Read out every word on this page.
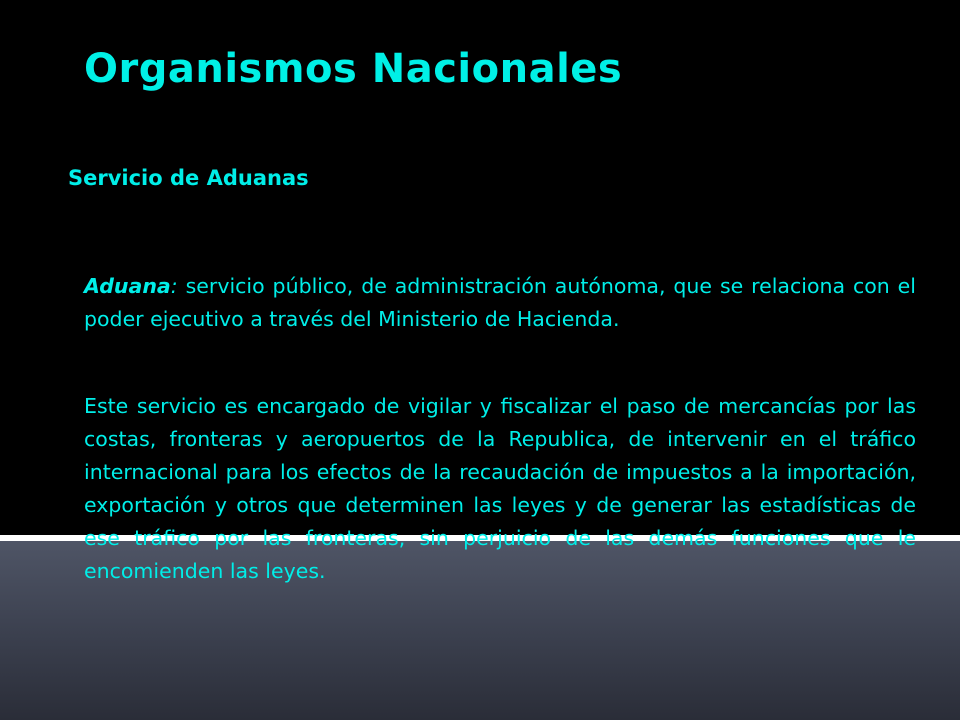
Organismos Nacionales
Servicio de Aduanas

Aduana: servicio público, de administración autónoma, que se relaciona con el poder ejecutivo a través del Ministerio de Hacienda.

Este servicio es encargado de vigilar y fiscalizar el paso de mercancías por las costas, fronteras y aeropuertos de la Republica, de intervenir en el tráfico internacional para los efectos de la recaudación de impuestos a la importación, exportación y otros que determinen las leyes y de generar las estadísticas de ese tráfico por las fronteras, sin perjuicio de las demás funciones que le encomienden las leyes.
